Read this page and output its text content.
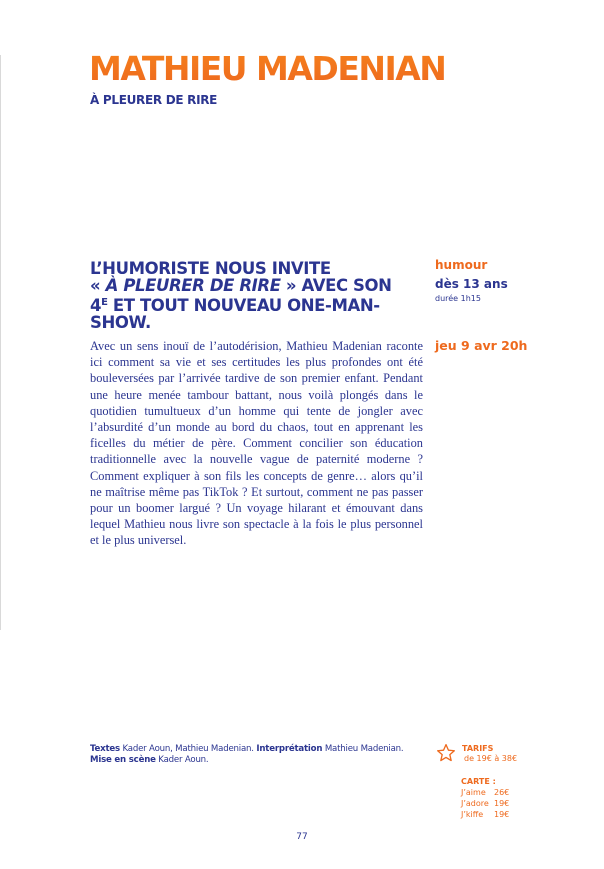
MATHIEU MADENIAN
À PLEURER DE RIRE
L’HUMORISTE NOUS INVITE
« À PLEURER DE RIRE » AVEC SON
$4^E$ ET TOUT NOUVEAU ONE-MAN-SHOW.
humour
dès 13 ans
durée 1h15
jeu 9 avr 20h

Avec un sens inouï de l’autodérision, Mathieu Madenian raconte ici comment sa vie et ses certitudes les plus profondes ont été bouleversées par l’arrivée tardive de son premier enfant. Pendant une heure menée tambour battant, nous voilà plongés dans le quotidien tumultueux d’un homme qui tente de jongler avec l’absurdité d’un monde au bord du chaos, tout en apprenant les ficelles du métier de père. Comment concilier son éducation traditionnelle avec la nouvelle vague de paternité moderne ? Comment expliquer à son fils les concepts de genre… alors qu’il ne maîtrise même pas TikTok ? Et surtout, comment ne pas passer pour un boomer largué ? Un voyage hilarant et émouvant dans lequel Mathieu nous livre son spectacle à la fois le plus personnel et le plus universel.

Textes Kader Aoun, Mathieu Madenian. Interprétation Mathieu Madenian.
Mise en scène Kader Aoun.
TARIFS
de 19€ à 38€
CARTE :
J’aime	26€
J’adore 19€
J’kiffe	19€
77
